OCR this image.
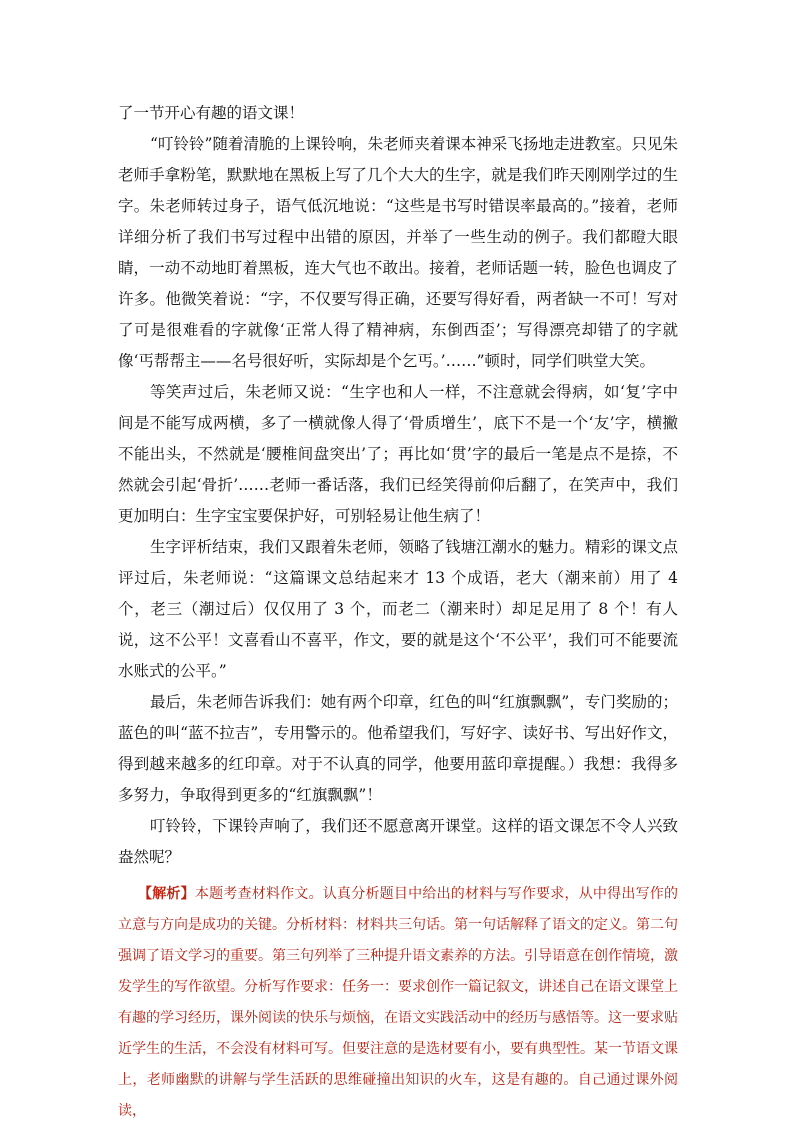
了一节开心有趣的语文课！

“叮铃铃”随着清脆的上课铃响，朱老师夹着课本神采飞扬地走进教室。只见朱老师手拿粉笔，默默地在黑板上写了几个大大的生字，就是我们昨天刚刚学过的生字。朱老师转过身子，语气低沉地说：“这些是书写时错误率最高的。”接着，老师详细分析了我们书写过程中出错的原因，并举了一些生动的例子。我们都瞪大眼睛，一动不动地盯着黑板，连大气也不敢出。接着，老师话题一转，脸色也调皮了许多。他微笑着说：“字，不仅要写得正确，还要写得好看，两者缺一不可！写对了可是很难看的字就像‘正常人得了精神病，东倒西歪’；写得漂亮却错了的字就像‘丐帮帮主——名号很好听，实际却是个乞丐。’……”顿时，同学们哄堂大笑。

等笑声过后，朱老师又说：“生字也和人一样，不注意就会得病，如‘复’字中间是不能写成两横，多了一横就像人得了‘骨质增生’，底下不是一个‘友’字，横撇不能出头，不然就是‘腰椎间盘突出’了；再比如‘贯’字的最后一笔是点不是捺，不然就会引起‘骨折’……老师一番话落，我们已经笑得前仰后翻了，在笑声中，我们更加明白：生字宝宝要保护好，可别轻易让他生病了！

生字评析结束，我们又跟着朱老师，领略了钱塘江潮水的魅力。精彩的课文点评过后，朱老师说：“这篇课文总结起来才 13 个成语，老大（潮来前）用了 4 个，老三（潮过后）仅仅用了 3 个，而老二（潮来时）却足足用了 8 个！有人说，这不公平！文喜看山不喜平，作文，要的就是这个‘不公平’，我们可不能要流水账式的公平。”

最后，朱老师告诉我们：她有两个印章，红色的叫“红旗飘飘”，专门奖励的；蓝色的叫“蓝不拉吉”，专用警示的。他希望我们，写好字、读好书、写出好作文，得到越来越多的红印章。对于不认真的同学，他要用蓝印章提醒。）我想：我得多多努力，争取得到更多的“红旗飘飘”！

叮铃铃，下课铃声响了，我们还不愿意离开课堂。这样的语文课怎不令人兴致盎然呢？

【解析】本题考查材料作文。认真分析题目中给出的材料与写作要求，从中得出写作的立意与方向是成功的关键。分析材料：材料共三句话。第一句话解释了语文的定义。第二句强调了语文学习的重要。第三句列举了三种提升语文素养的方法。引导语意在创作情境，激发学生的写作欲望。分析写作要求：任务一：要求创作一篇记叙文，讲述自己在语文课堂上有趣的学习经历，课外阅读的快乐与烦恼，在语文实践活动中的经历与感悟等。这一要求贴近学生的生活，不会没有材料可写。但要注意的是选材要有小，要有典型性。某一节语文课上，老师幽默的讲解与学生活跃的思维碰撞出知识的火车，这是有趣的。自己通过课外阅读，
